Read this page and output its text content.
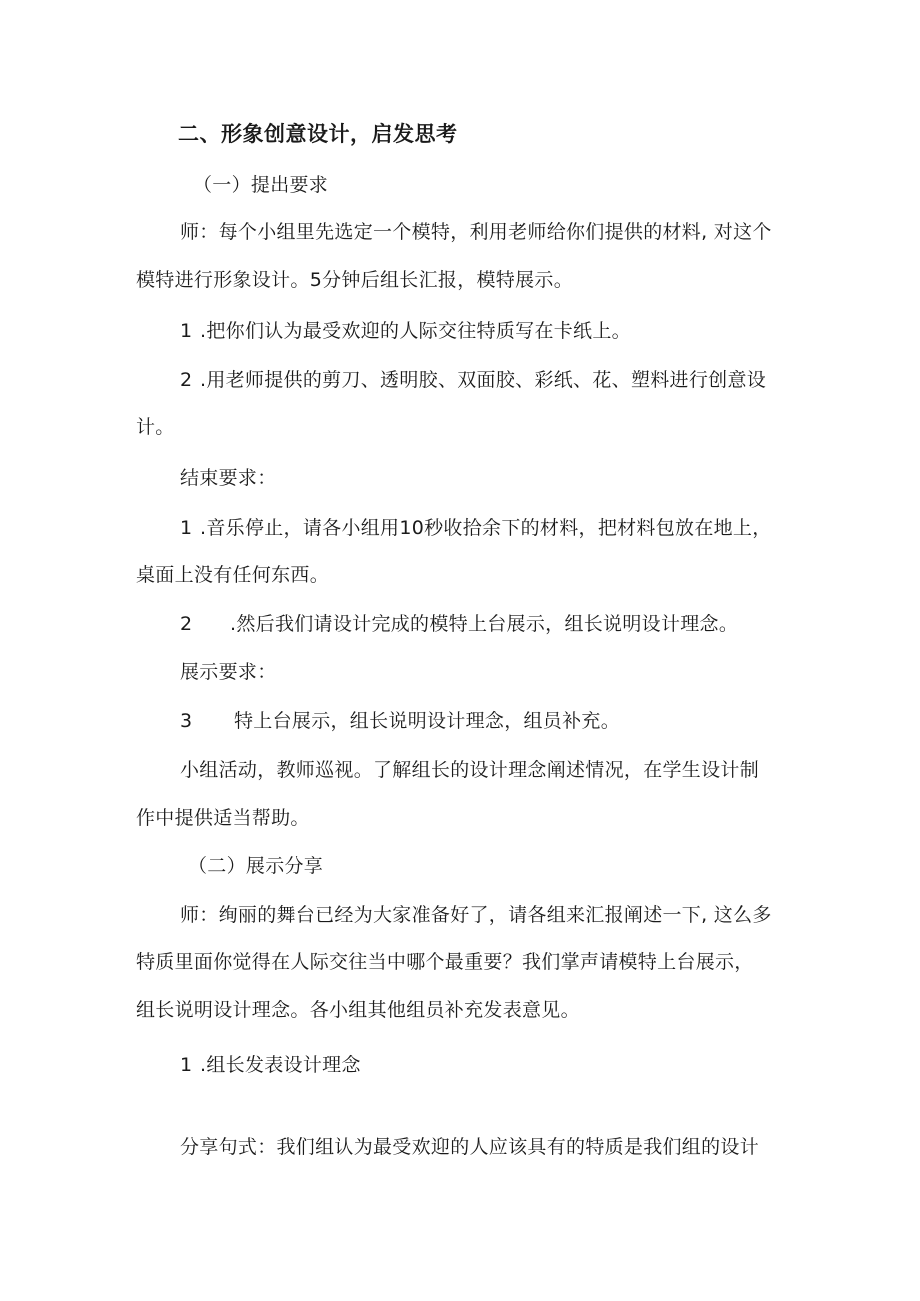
二、形象创意设计，启发思考
（一）提出要求
师：每个小组里先选定一个模特，利用老师给你们提供的材料, 对这个
模特进行形象设计。5分钟后组长汇报，模特展示。
1 .把你们认为最受欢迎的人际交往特质写在卡纸上。
2 .用老师提供的剪刀、透明胶、双面胶、彩纸、花、塑料进行创意设
计。
结束要求：
1 .音乐停止，请各小组用10秒收拾余下的材料，把材料包放在地上，
桌面上没有任何东西。
2 .然后我们请设计完成的模特上台展示，组长说明设计理念。
展示要求：
3 特上台展示，组长说明设计理念，组员补充。
小组活动，教师巡视。了解组长的设计理念阐述情况，在学生设计制
作中提供适当帮助。
（二）展示分享
师：绚丽的舞台已经为大家准备好了，请各组来汇报阐述一下, 这么多
特质里面你觉得在人际交往当中哪个最重要？我们掌声请模特上台展示，
组长说明设计理念。各小组其他组员补充发表意见。
1 .组长发表设计理念
分享句式：我们组认为最受欢迎的人应该具有的特质是我们组的设计
